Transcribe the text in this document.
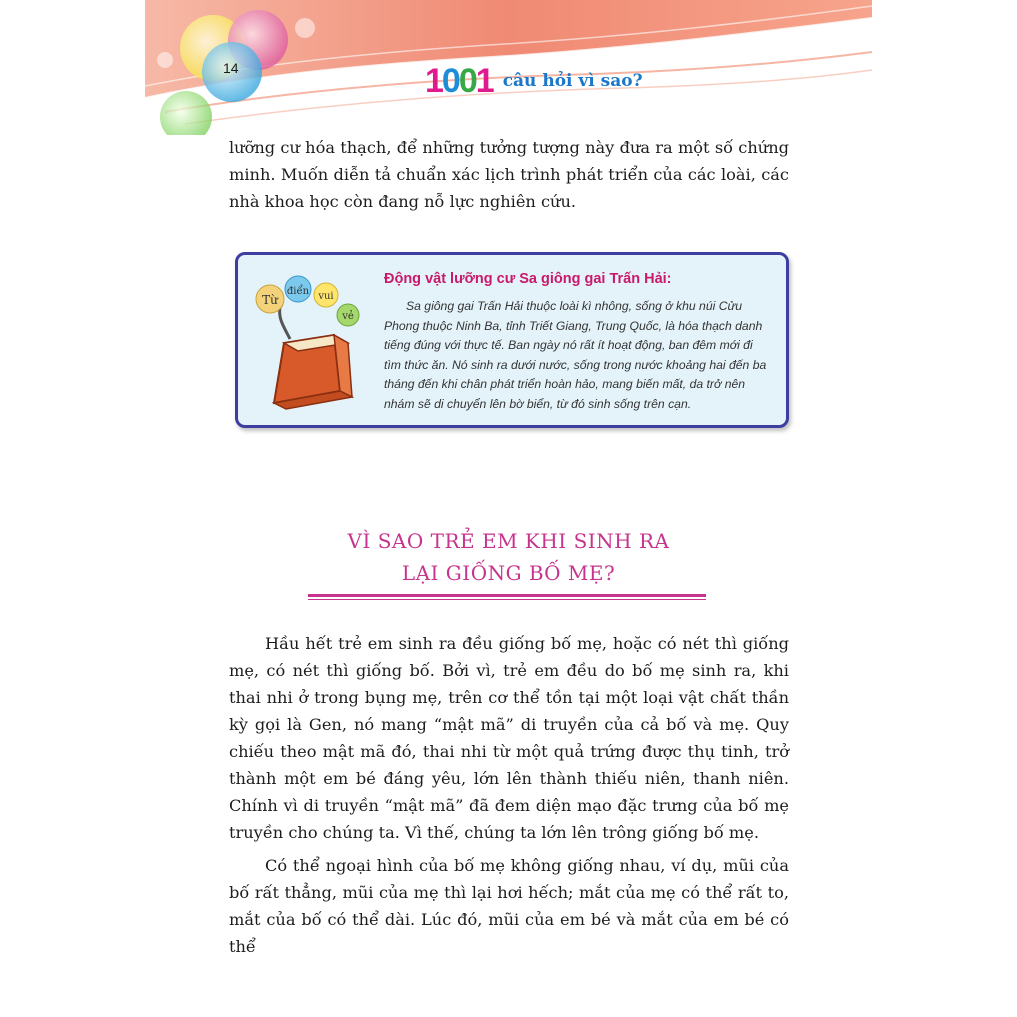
14	1001 câu hỏi vì sao?

lưỡng cư hóa thạch, để những tưởng tượng này đưa ra một số chứng minh. Muốn diễn tả chuẩn xác lịch trình phát triển của các loài, các nhà khoa học còn đang nỗ lực nghiên cứu.

Từ
điển vui
vẻ
Động vật lưỡng cư Sa giông gai Trấn Hải:

Sa giông gai Trấn Hải thuộc loài kì nhông, sống ở khu núi Cửu Phong thuộc Ninh Ba, tỉnh Triết Giang, Trung Quốc, là hóa thạch danh tiếng đúng với thực tế. Ban ngày nó rất ít hoạt động, ban đêm mới đi tìm thức ăn. Nó sinh ra dưới nước, sống trong nước khoảng hai đến ba tháng đến khi chân phát triển hoàn hảo, mang biến mất, da trở nên nhám sẽ di chuyển lên bờ biển, từ đó sinh sống trên cạn.

VÌ SAO TRẺ EM KHI SINH RA
LẠI GIỐNG BỐ MẸ?

Hầu hết trẻ em sinh ra đều giống bố mẹ, hoặc có nét thì giống mẹ, có nét thì giống bố. Bởi vì, trẻ em đều do bố mẹ sinh ra, khi thai nhi ở trong bụng mẹ, trên cơ thể tồn tại một loại vật chất thần kỳ gọi là Gen, nó mang “mật mã” di truyền của cả bố và mẹ. Quy chiếu theo mật mã đó, thai nhi từ một quả trứng được thụ tinh, trở thành một em bé đáng yêu, lớn lên thành thiếu niên, thanh niên. Chính vì di truyền “mật mã” đã đem diện mạo đặc trưng của bố mẹ truyền cho chúng ta. Vì thế, chúng ta lớn lên trông giống bố mẹ.

Có thể ngoại hình của bố mẹ không giống nhau, ví dụ, mũi của bố rất thẳng, mũi của mẹ thì lại hơi hếch; mắt của mẹ có thể rất to, mắt của bố có thể dài. Lúc đó, mũi của em bé và mắt của em bé có thể
